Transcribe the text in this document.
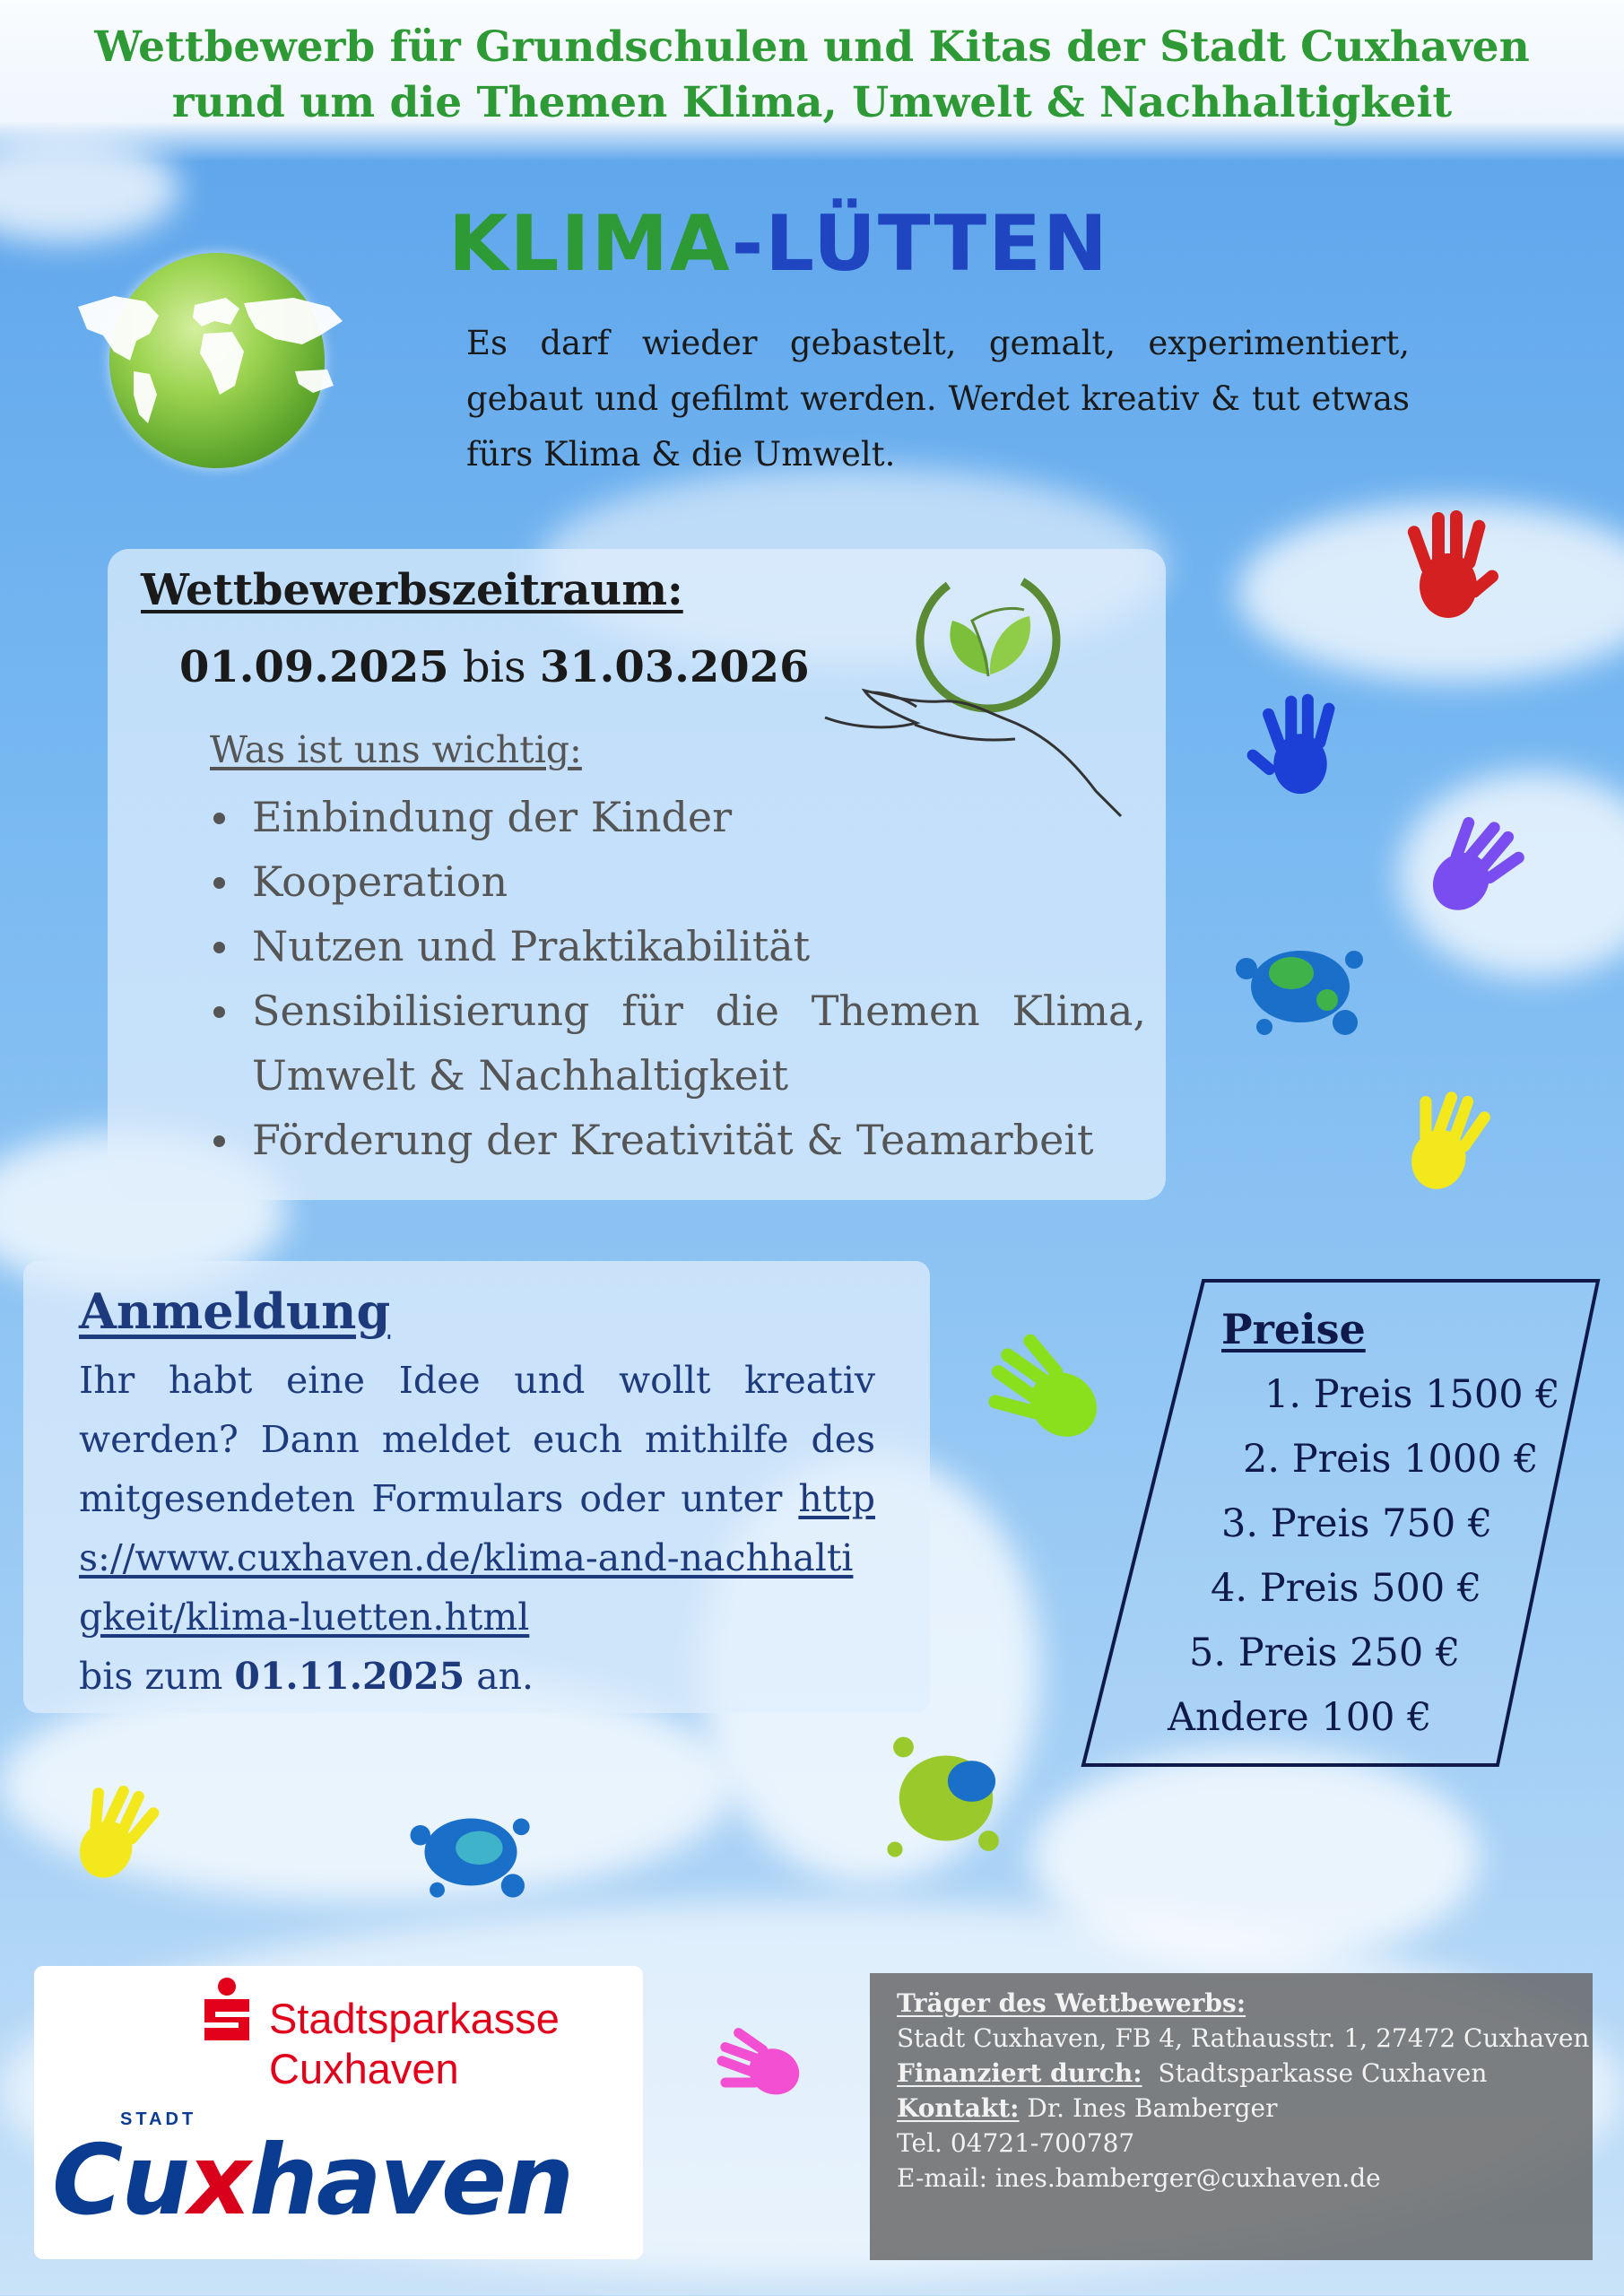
Wettbewerb für Grundschulen und Kitas der Stadt Cuxhaven
rund um die Themen Klima, Umwelt & Nachhaltigkeit
KLIMA-LÜTTEN
Es darf wieder gebastelt, gemalt, experimentiert, gebaut und gefilmt werden. Werdet kreativ & tut etwas fürs Klima & die Umwelt.
Wettbewerbszeitraum:
01.09.2025 bis 31.03.2026
Was ist uns wichtig:
Einbindung der Kinder
Kooperation
Nutzen und Praktikabilität
Sensibilisierung für die Themen Klima, Umwelt & Nachhaltigkeit
Förderung der Kreativität & Teamarbeit
Anmeldung
Ihr habt eine Idee und wollt kreativ werden? Dann meldet euch mithilfe des mitgesendeten Formulars oder unter https://www.cuxhaven.de/klima-and-nachhaltigkeit/klima-luetten.html
bis zum 01.11.2025 an.
Preise
1. Preis 1500 €
2. Preis 1000 €
3. Preis 750 €
4. Preis 500 €
5. Preis 250 €
Andere 100 €
Stadtsparkasse
Cuxhaven
STADT
Cuxhaven
Träger des Wettbewerbs:
Stadt Cuxhaven, FB 4, Rathausstr. 1, 27472 Cuxhaven
Finanziert durch: Stadtsparkasse Cuxhaven
Kontakt: Dr. Ines Bamberger
Tel. 04721-700787
E-mail: ines.bamberger@cuxhaven.de
